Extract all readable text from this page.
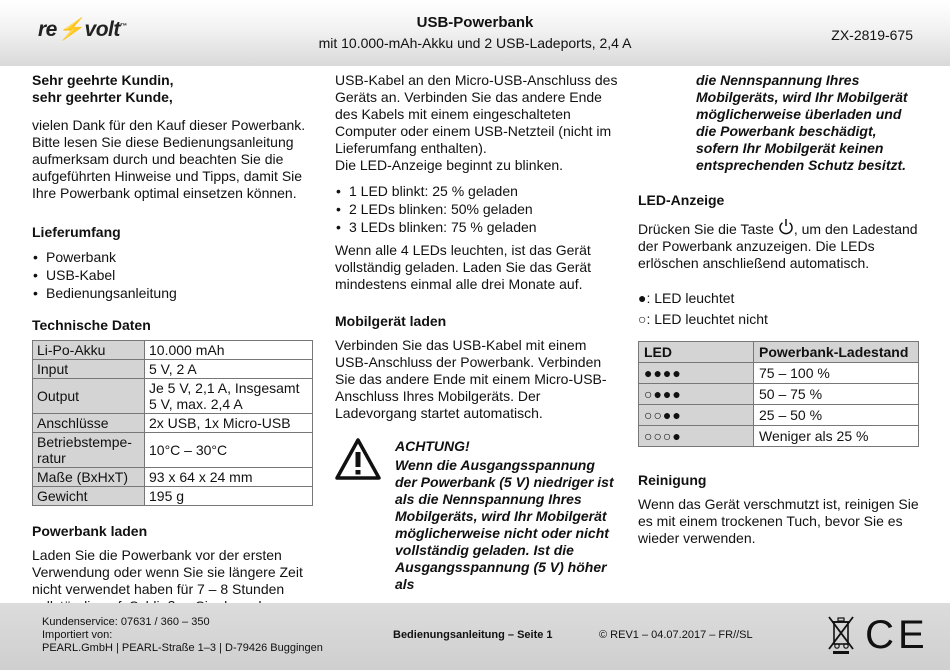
re⚡volt™	USB-Powerbank
mit 10.000-mAh-Akku und 2 USB-Ladeports, 2,4 A	ZX-2819-675

Sehr geehrte Kundin,

sehr geehrter Kunde,

vielen Dank für den Kauf dieser Powerbank. Bitte lesen Sie diese Bedienungsanleitung aufmerksam durch und beachten Sie die aufgeführten Hinweise und Tipps, damit Sie Ihre Powerbank optimal einsetzen können.

Lieferumfang

• Powerbank
• USB-Kabel
• Bedienungsanleitung

Technische Daten

Li-Po-Akku	10.000 mAh
Input	5 V, 2 A
Output	Je 5 V, 2,1 A, Insgesamt 5 V, max. 2,4 A
Anschlüsse	2x USB, 1x Micro-USB
Betriebstempe-ratur	10°C – 30°C
Maße (BxHxT)	93 x 64 x 24 mm
Gewicht	195 g

Powerbank laden

Laden Sie die Powerbank vor der ersten Verwendung oder wenn Sie sie längere Zeit nicht verwendet haben für 7 – 8 Stunden

USB-Kabel an den Micro-USB-Anschluss des Geräts an. Verbinden Sie das andere Ende des Kabels mit einem eingeschalteten Computer oder einem USB-Netzteil (nicht im Lieferumfang enthalten).

Die LED-Anzeige beginnt zu blinken.

• 1 LED blinkt: 25 % geladen
• 2 LEDs blinken: 50% geladen
• 3 LEDs blinken: 75 % geladen

Wenn alle 4 LEDs leuchten, ist das Gerät vollständig geladen. Laden Sie das Gerät mindestens einmal alle drei Monate auf.

Mobilgerät laden

Verbinden Sie das USB-Kabel mit einem USB-Anschluss der Powerbank. Verbinden Sie das andere Ende mit einem Micro-USB-Anschluss Ihres Mobilgeräts. Der Ladevorgang startet automatisch.

ACHTUNG!

Wenn die Ausgangsspannung der Powerbank (5 V) niedriger ist als die Nennspannung Ihres Mobilgeräts, wird Ihr Mobilgerät möglicherweise nicht oder nicht vollständig geladen. Ist die Ausgangsspannung (5 V) höher als

die Nennspannung Ihres Mobilgeräts, wird Ihr Mobilgerät möglicherweise überladen und die Powerbank beschädigt, sofern Ihr Mobilgerät keinen entsprechenden Schutz besitzt.

LED-Anzeige

Drücken Sie die Taste , um den Ladestand der Powerbank anzuzeigen. Die LEDs erlöschen anschließend automatisch.

●: LED leuchtet

○: LED leuchtet nicht

LED	Powerbank-Ladestand
●●●●	75 – 100 %
○●●●	50 – 75 %
○○●●	25 – 50 %
○○○●	Weniger als 25 %

Reinigung

Wenn das Gerät verschmutzt ist, reinigen Sie es mit einem trockenen Tuch, bevor Sie es wieder verwenden.

Kundenservice: 07631 / 360 – 350
Importiert von:
PEARL.GmbH | PEARL-Straße 1–3 | D-79426 Buggingen
Bedienungsanleitung – Seite 1	© REV1 – 04.07.2017 – FR//SL	CE
